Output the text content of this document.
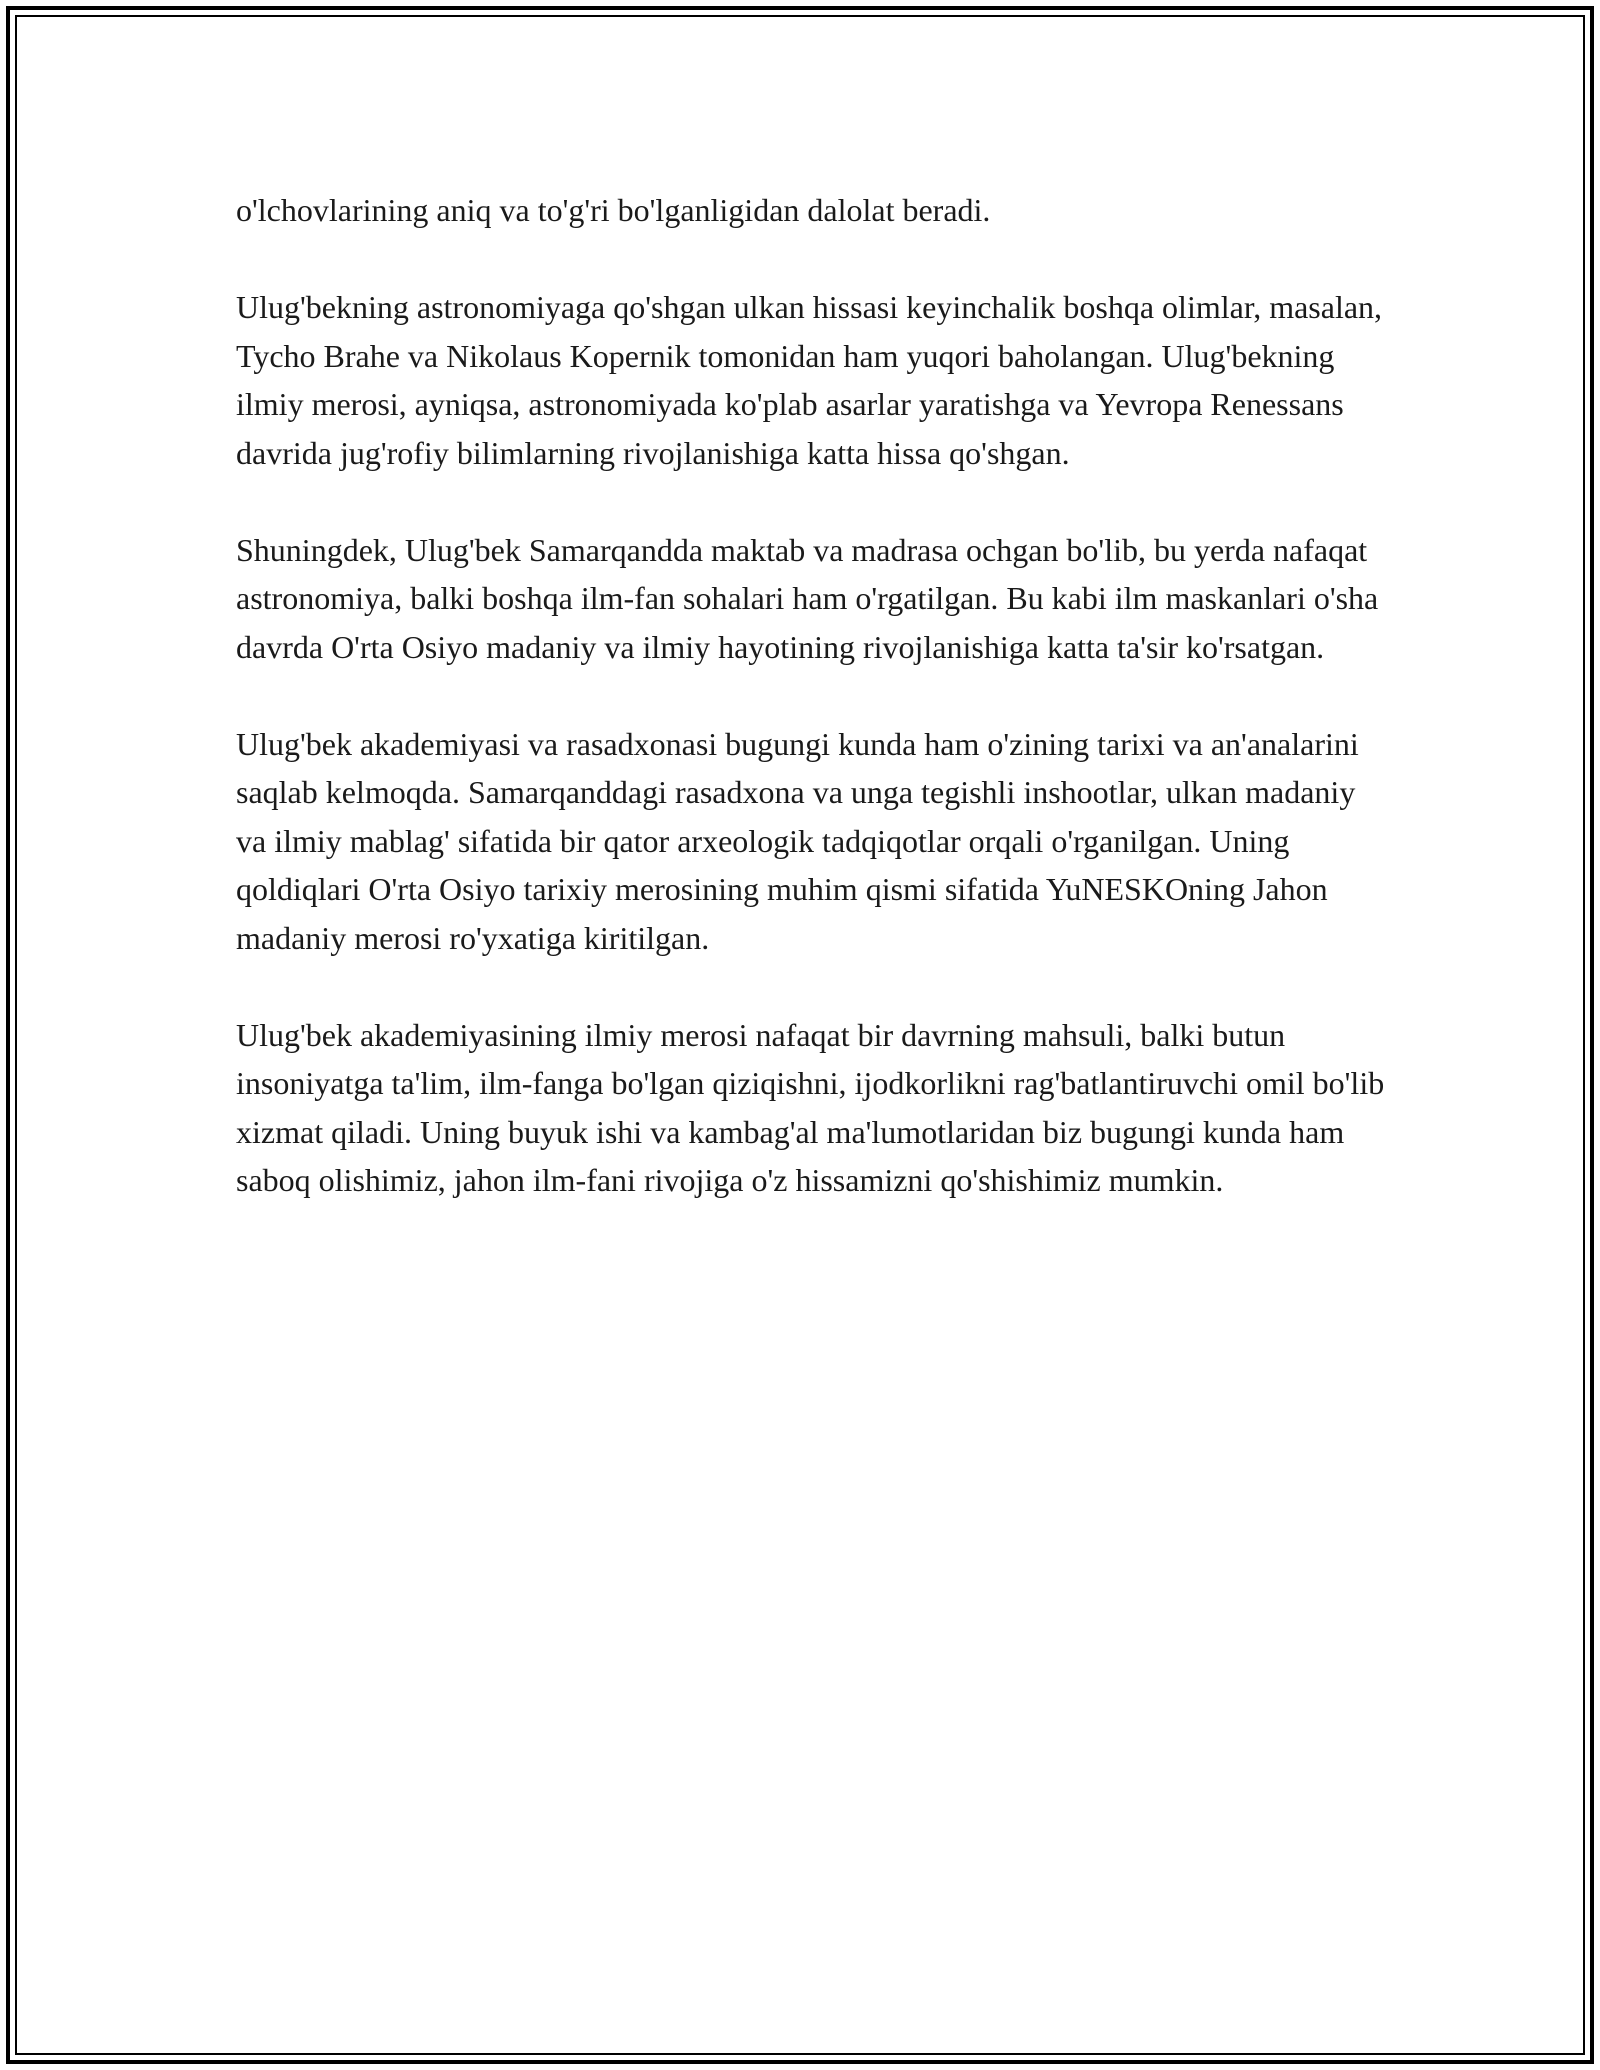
o'lchovlarining aniq va to'g'ri bo'lganligidan dalolat beradi.

Ulug'bekning astronomiyaga qo'shgan ulkan hissasi keyinchalik boshqa olimlar, masalan, Tycho Brahe va Nikolaus Kopernik tomonidan ham yuqori baholangan. Ulug'bekning ilmiy merosi, ayniqsa, astronomiyada ko'plab asarlar yaratishga va Yevropa Renessans davrida jug'rofiy bilimlarning rivojlanishiga katta hissa qo'shgan.

Shuningdek, Ulug'bek Samarqandda maktab va madrasa ochgan bo'lib, bu yerda nafaqat astronomiya, balki boshqa ilm-fan sohalari ham o'rgatilgan. Bu kabi ilm maskanlari o'sha davrda O'rta Osiyo madaniy va ilmiy hayotining rivojlanishiga katta ta'sir ko'rsatgan.

Ulug'bek akademiyasi va rasadxonasi bugungi kunda ham o'zining tarixi va an'analarini saqlab kelmoqda. Samarqanddagi rasadxona va unga tegishli inshootlar, ulkan madaniy va ilmiy mablag' sifatida bir qator arxeologik tadqiqotlar orqali o'rganilgan. Uning qoldiqlari O'rta Osiyo tarixiy merosining muhim qismi sifatida YuNESKOning Jahon madaniy merosi ro'yxatiga kiritilgan.

Ulug'bek akademiyasining ilmiy merosi nafaqat bir davrning mahsuli, balki butun insoniyatga ta'lim, ilm-fanga bo'lgan qiziqishni, ijodkorlikni rag'batlantiruvchi omil bo'lib xizmat qiladi. Uning buyuk ishi va kambag'al ma'lumotlaridan biz bugungi kunda ham saboq olishimiz, jahon ilm-fani rivojiga o'z hissamizni qo'shishimiz mumkin.
